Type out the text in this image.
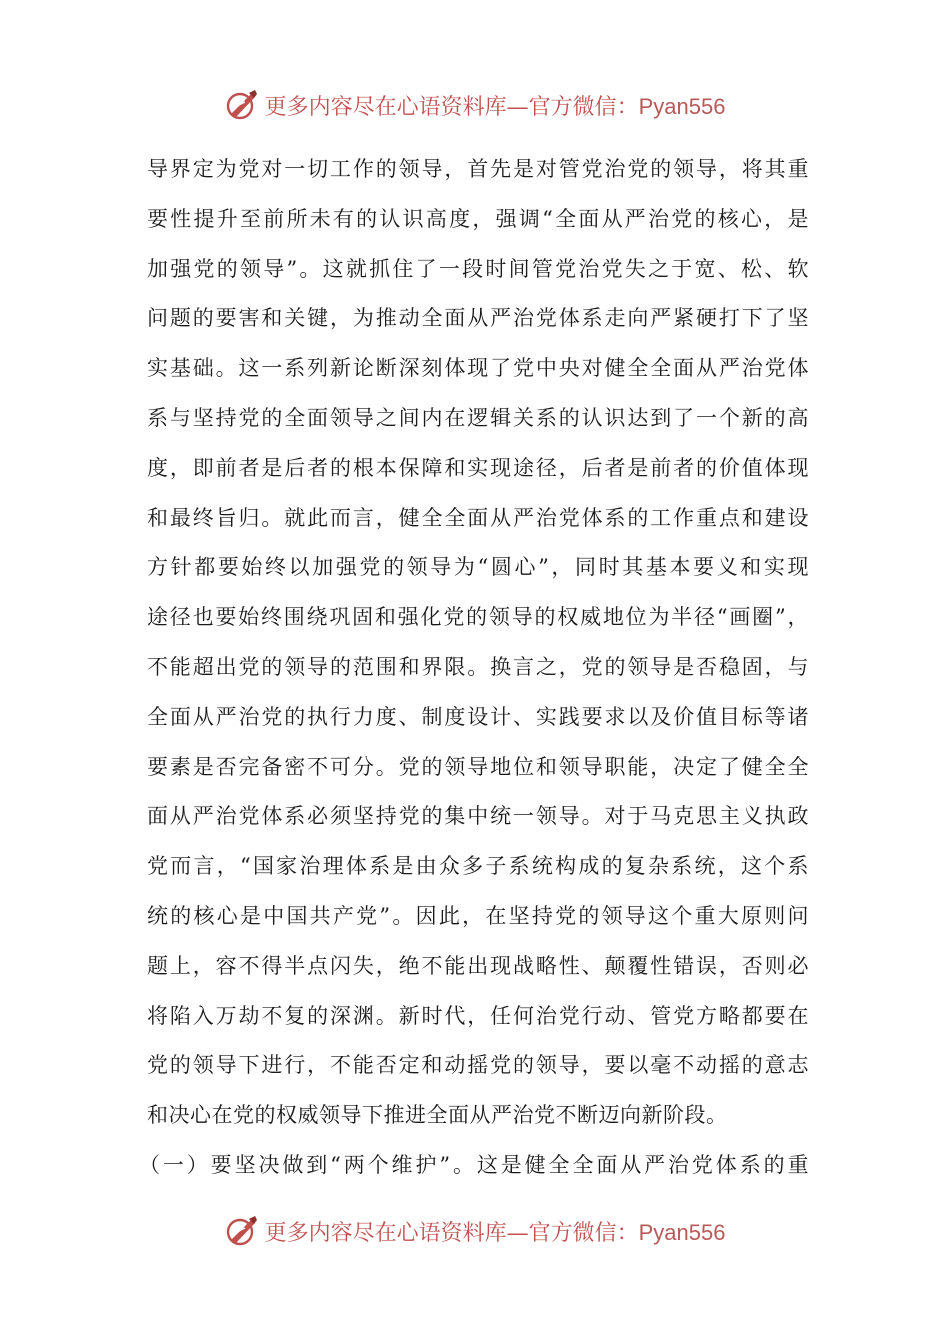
更多内容尽在心语资料库—官方微信：Pyan556
导界定为党对一切工作的领导，首先是对管党治党的领导，将其重
要性提升至前所未有的认识高度，强调“全面从严治党的核心，是
加强党的领导”。这就抓住了一段时间管党治党失之于宽、松、软
问题的要害和关键，为推动全面从严治党体系走向严紧硬打下了坚
实基础。这一系列新论断深刻体现了党中央对健全全面从严治党体
系与坚持党的全面领导之间内在逻辑关系的认识达到了一个新的高
度，即前者是后者的根本保障和实现途径，后者是前者的价值体现
和最终旨归。就此而言，健全全面从严治党体系的工作重点和建设
方针都要始终以加强党的领导为“圆心”，同时其基本要义和实现
途径也要始终围绕巩固和强化党的领导的权威地位为半径“画圈”，
不能超出党的领导的范围和界限。换言之，党的领导是否稳固，与
全面从严治党的执行力度、制度设计、实践要求以及价值目标等诸
要素是否完备密不可分。党的领导地位和领导职能，决定了健全全
面从严治党体系必须坚持党的集中统一领导。对于马克思主义执政
党而言，“国家治理体系是由众多子系统构成的复杂系统，这个系
统的核心是中国共产党”。因此，在坚持党的领导这个重大原则问
题上，容不得半点闪失，绝不能出现战略性、颠覆性错误，否则必
将陷入万劫不复的深渊。新时代，任何治党行动、管党方略都要在
党的领导下进行，不能否定和动摇党的领导，要以毫不动摇的意志
和决心在党的权威领导下推进全面从严治党不断迈向新阶段。
（一）要坚决做到“两个维护”。这是健全全面从严治党体系的重
更多内容尽在心语资料库—官方微信：Pyan556
